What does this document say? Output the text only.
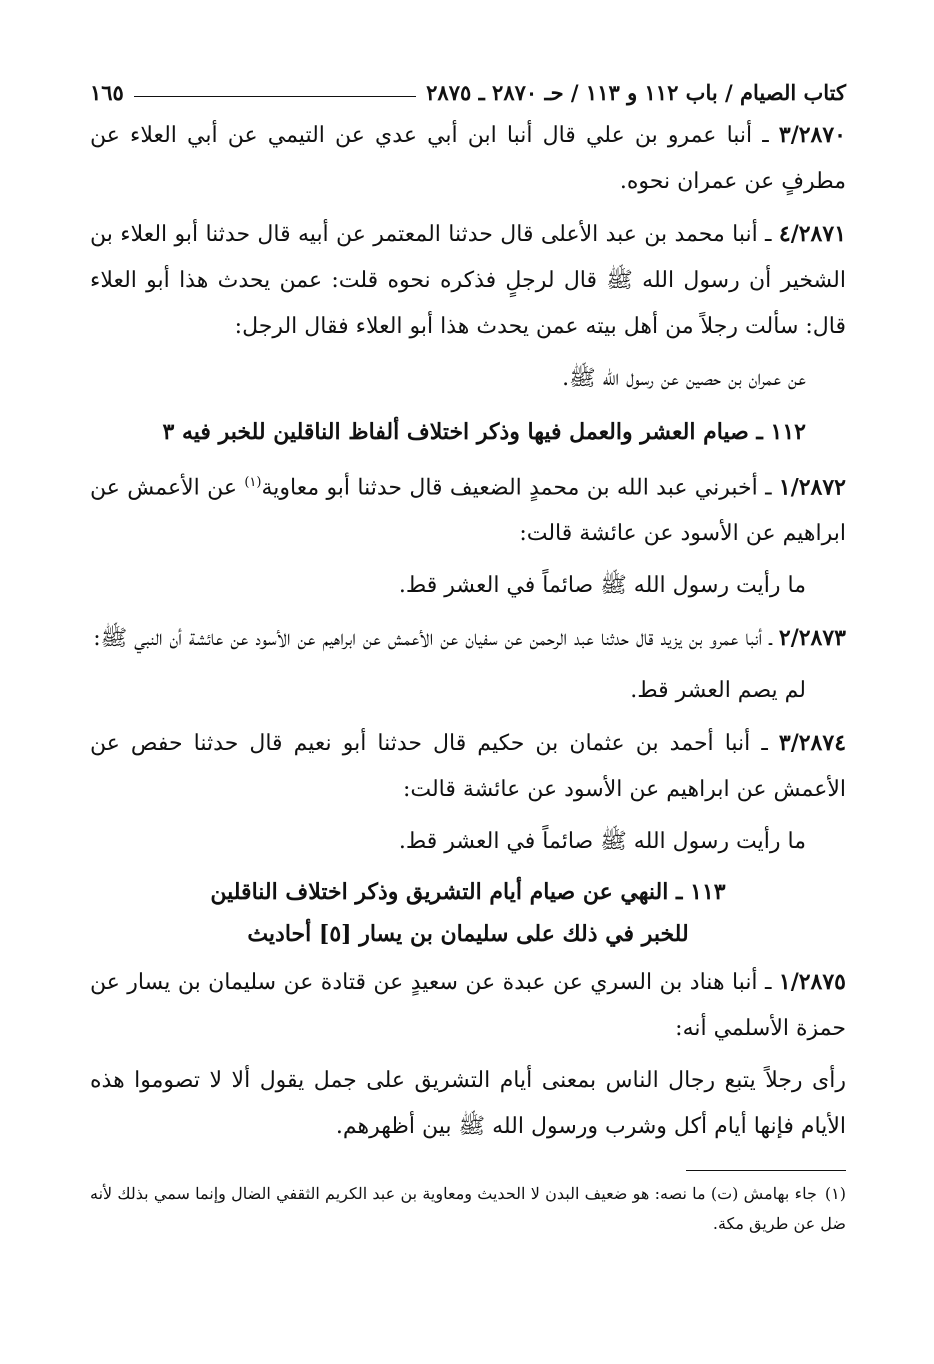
كتاب الصيام / باب ١١٢ و ١١٣ / حـ ٢٨٧٠ ـ ٢٨٧٥
١٦٥

٣/٢٨٧٠ ـ أنبا عمرو بن علي قال أنبا ابن أبي عدي عن التيمي عن أبي العلاء عن مطرفٍ عن عمران نحوه.

٤/٢٨٧١ ـ أنبا محمد بن عبد الأعلى قال حدثنا المعتمر عن أبيه قال حدثنا أبو العلاء بن الشخير أن رسول الله ﷺ قال لرجلٍ فذكره نحوه قلت: عمن يحدث هذا أبو العلاء قال: سألت رجلاً من أهل بيته عمن يحدث هذا أبو العلاء فقال الرجل:

عن عمران بن حصين عن رسول الله ﷺ.
١١٢ ـ صيام العشر والعمل فيها وذكر اختلاف ألفاظ الناقلين للخبر فيه ٣

١/٢٨٧٢ ـ أخبرني عبد الله بن محمدٍ الضعيف قال حدثنا أبو معاوية$^{(١)}$ عن الأعمش عن ابراهيم عن الأسود عن عائشة قالت:

ما رأيت رسول الله ﷺ صائماً في العشر قط.

٢/٢٨٧٣ ـ أنبا عمرو بن يزيد قال حدثنا عبد الرحمن عن سفيان عن الأعمش عن ابراهيم عن الأسود عن عائشة أن النبي ﷺ:

لم يصم العشر قط.

٣/٢٨٧٤ ـ أنبا أحمد بن عثمان بن حكيم قال حدثنا أبو نعيم قال حدثنا حفص عن الأعمش عن ابراهيم عن الأسود عن عائشة قالت:

ما رأيت رسول الله ﷺ صائماً في العشر قط.
١١٣ ـ النهي عن صيام أيام التشريق وذكر اختلاف الناقلين
للخبر في ذلك على سليمان بن يسار [٥] أحاديث

١/٢٨٧٥ ـ أنبا هناد بن السري عن عبدة عن سعيدٍ عن قتادة عن سليمان بن يسار عن حمزة الأسلمي أنه:

رأى رجلاً يتبع رجال الناس بمعنى أيام التشريق على جمل يقول ألا لا تصوموا هذه الأيام فإنها أيام أكل وشرب ورسول الله ﷺ بين أظهرهم.
(١)جاء بهامش (ت) ما نصه: هو ضعيف البدن لا الحديث ومعاوية بن عبد الكريم الثقفي الضال وإنما سمي بذلك لأنه ضل عن طريق مكة.
